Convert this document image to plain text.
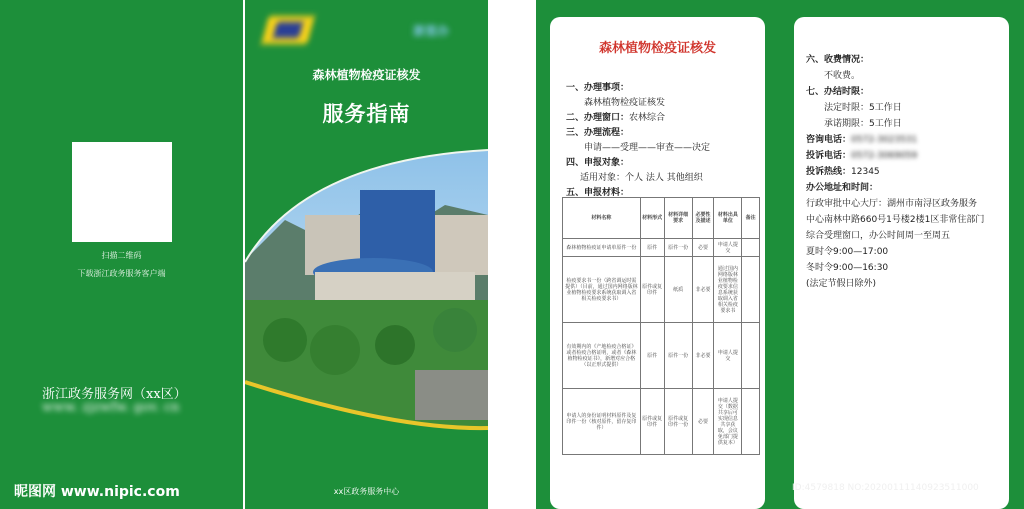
扫描二维码
下载浙江政务服务客户端
浙江政务服务网（xx区）
www. zjzwfw. gov. cn
昵图网 www.nipic.com
浙里办
森林植物检疫证核发
服务指南
xx区政务服务中心
森林植物检疫证核发
一、办理事项：
森林植物检疫证核发
二、办理窗口：农林综合
三、办理流程：
申请——受理——审查——决定
四、申报对象：
适用对象：个人 法人 其他组织
五、申报材料：
材料名称	材料形式	材料详细要求	必要性及描述	材料出具单位	备注
森林植物检疫证申请单原件一份	原件	原件一份	必要	申请人提交	
检疫要求书一份（跨省调运时需提供）（目前，通过国内网络版林业植物检疫要求系统获取调入省相关检疫要求书）	原件或复印件	纸质	非必要	通过国内网络版林业植物检疫要求信息系统获取调入省相关检疫要求书	
有效期内的《产地检疫合格证》或者检疫合格证明，或者《森林植物检疫证书》，新增对应合格（以正形式提供）	原件	原件一份	非必要	申请人提交	
申请人的身份证明材料原件及复印件一份（核对原件，留存复印件）	原件或复印件	原件或复印件一份	必要	申请人提交（数据共享后可实现信息共享获取，会议免部门提供复本）	
六、收费情况：
不收费。
七、办结时限：
法定时限：5工作日
承诺期限：5工作日
咨询电话：0572-3023531
投诉电话：0572-3069059
投诉热线：12345
办公地址和时间：
行政审批中心大厅：湖州市南浔区政务服务
中心南林中路660号1号楼2楼1区非常住部门
综合受理窗口，办公时间周一至周五
夏时令9:00—17:00
冬时令9:00—16:30
(法定节假日除外)
ID:4579818 NO:20200111140923511000
